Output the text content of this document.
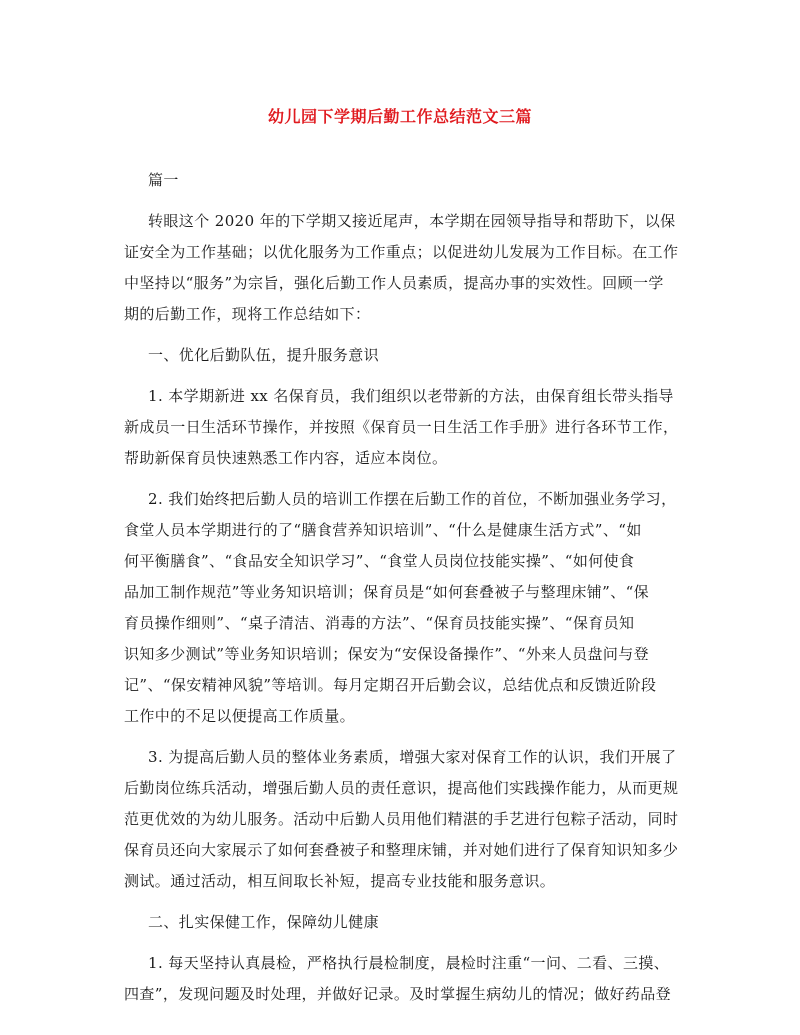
幼儿园下学期后勤工作总结范文三篇
篇一
转眼这个 2020 年的下学期又接近尾声，本学期在园领导指导和帮助下，以保
证安全为工作基础；以优化服务为工作重点；以促进幼儿发展为工作目标。在工作
中坚持以“服务”为宗旨，强化后勤工作人员素质，提高办事的实效性。回顾一学
期的后勤工作，现将工作总结如下：
一、优化后勤队伍，提升服务意识
1. 本学期新进 xx 名保育员，我们组织以老带新的方法，由保育组长带头指导
新成员一日生活环节操作，并按照《保育员一日生活工作手册》进行各环节工作，
帮助新保育员快速熟悉工作内容，适应本岗位。
2. 我们始终把后勤人员的培训工作摆在后勤工作的首位，不断加强业务学习，
食堂人员本学期进行的了“膳食营养知识培训”、“什么是健康生活方式”、“如
何平衡膳食”、“食品安全知识学习”、“食堂人员岗位技能实操”、“如何使食
品加工制作规范”等业务知识培训；保育员是“如何套叠被子与整理床铺”、“保
育员操作细则”、“桌子清洁、消毒的方法”、“保育员技能实操”、“保育员知
识知多少测试”等业务知识培训；保安为“安保设备操作”、“外来人员盘问与登
记”、“保安精神风貌”等培训。每月定期召开后勤会议，总结优点和反馈近阶段
工作中的不足以便提高工作质量。
3. 为提高后勤人员的整体业务素质，增强大家对保育工作的认识，我们开展了
后勤岗位练兵活动，增强后勤人员的责任意识，提高他们实践操作能力，从而更规
范更优效的为幼儿服务。活动中后勤人员用他们精湛的手艺进行包粽子活动，同时
保育员还向大家展示了如何套叠被子和整理床铺，并对她们进行了保育知识知多少
测试。通过活动，相互间取长补短，提高专业技能和服务意识。
二、扎实保健工作，保障幼儿健康
1. 每天坚持认真晨检，严格执行晨检制度，晨检时注重“一问、二看、三摸、
四查”，发现问题及时处理，并做好记录。及时掌握生病幼儿的情况；做好药品登
